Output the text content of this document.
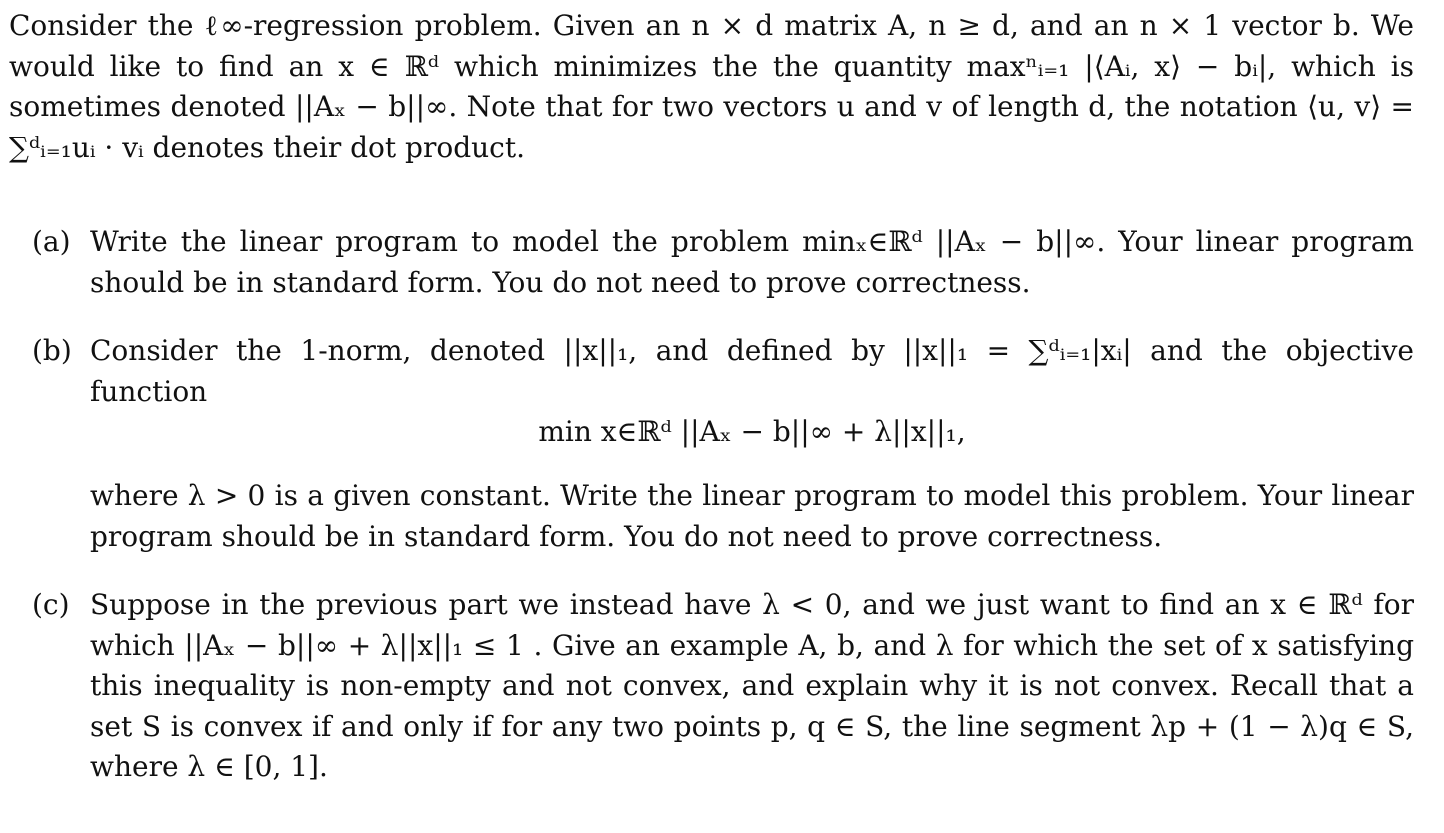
Consider the ℓ∞-regression problem. Given an n × d matrix A, n ≥ d, and an n × 1 vector b. We would like to find an x ∈ ℝᵈ which minimizes the the quantity maxⁿᵢ₌₁ |⟨Aᵢ, x⟩ − bᵢ|, which is sometimes denoted ||Aₓ − b||∞. Note that for two vectors u and v of length d, the notation ⟨u, v⟩ = ∑ᵈᵢ₌₁uᵢ · vᵢ denotes their dot product.

(a) Write the linear program to model the problem minₓ∈ℝᵈ ||Aₓ − b||∞. Your linear program should be in standard form. You do not need to prove correctness.

(b) Consider the 1-norm, denoted ||x||₁, and defined by ||x||₁ = ∑ᵈᵢ₌₁|xᵢ| and the objective function

min x∈ℝᵈ ||Aₓ − b||∞ + λ||x||₁,

where λ > 0 is a given constant. Write the linear program to model this problem. Your linear program should be in standard form. You do not need to prove correctness.

(c) Suppose in the previous part we instead have λ < 0, and we just want to find an x ∈ ℝᵈ for which ||Aₓ − b||∞ + λ||x||₁ ≤ 1 . Give an example A, b, and λ for which the set of x satisfying this inequality is non-empty and not convex, and explain why it is not convex. Recall that a set S is convex if and only if for any two points p, q ∈ S, the line segment λp + (1 − λ)q ∈ S, where λ ∈ [0, 1].
